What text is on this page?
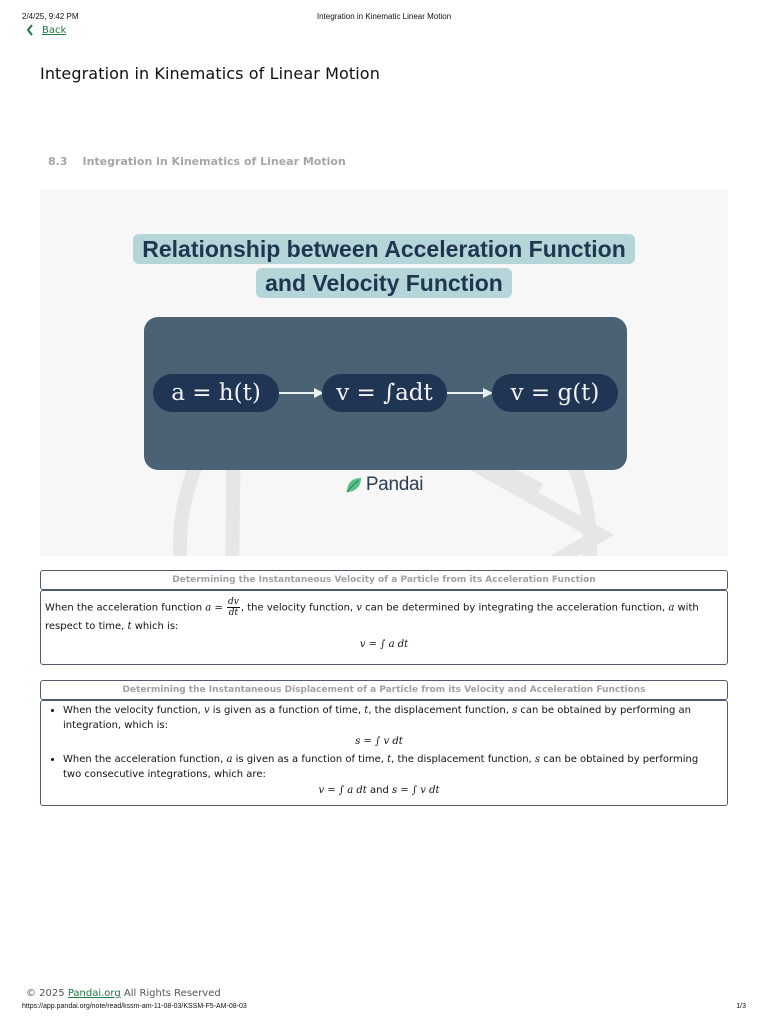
2/4/25, 9:42 PM	Integration in Kinematic Linear Motion
Back
Integration in Kinematics of Linear Motion
8.3 Integration in Kinematics of Linear Motion
Relationship between Acceleration Function
and Velocity Function
a = h(t)	v = ∫adt	v = g(t)
Pandai
Determining the Instantaneous Velocity of a Particle from its Acceleration Function
When the acceleration function $a = \frac{dv}{dt}$ , the velocity function, v can be determined by integrating the acceleration function, a with respect to time, t which is:
v = ∫ a dt
Determining the Instantaneous Displacement of a Particle from its Velocity and Acceleration Functions
• When the velocity function, v is given as a function of time, t, the displacement function, s can be obtained by performing an integration, which is:
s = ∫ v dt
• When the acceleration function, a is given as a function of time, t, the displacement function, s can be obtained by performing two consecutive integrations, which are:
v = ∫ a dt and s = ∫ v dt
© 2025 Pandai.org All Rights Reserved
https://app.pandai.org/note/read/kssm-am-11-08-03/KSSM-F5-AM-08-03	1/3
